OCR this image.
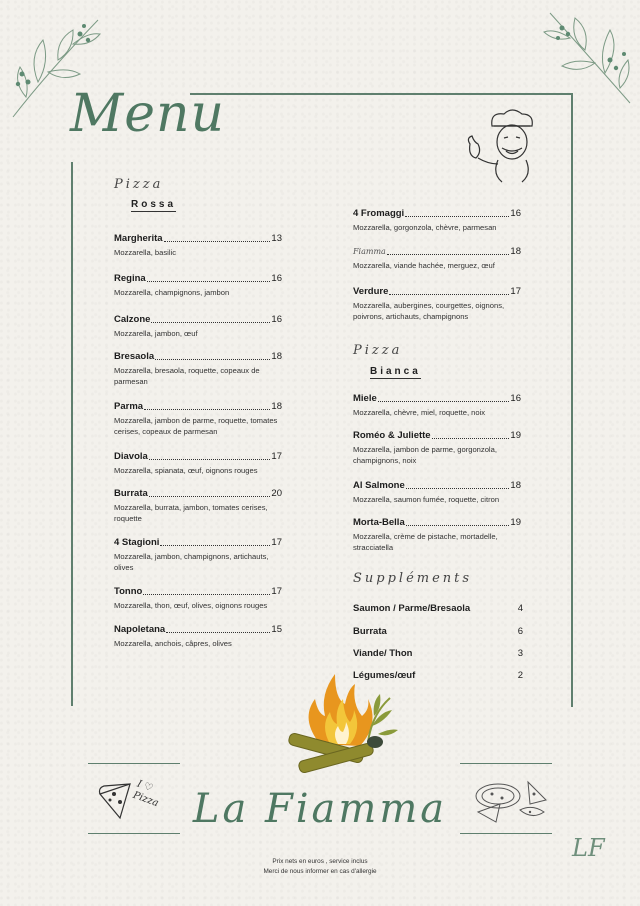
Menu
Pizza
Rossa
Margherita	13
Mozzarella, basilic
Regina	16
Mozzarella, champignons, jambon
Calzone	16
Mozzarella, jambon, œuf
Bresaola	18
Mozzarella, bresaola, roquette, copeaux de parmesan
Parma	18
Mozzarella, jambon de parme, roquette, tomates cerises, copeaux de parmesan
Diavola	17
Mozzarella, spianata, œuf, oignons rouges
Burrata	20
Mozzarella, burrata, jambon, tomates cerises, roquette
4 Stagioni	17
Mozzarella, jambon, champignons, artichauts, olives
Tonno	17
Mozzarella, thon, œuf, olives, oignons rouges
Napoletana	15
Mozzarella, anchois, câpres, olives
4 Fromaggi	16
Mozzarella, gorgonzola, chèvre, parmesan
Fiamma	18
Mozzarella, viande hachée, merguez, œuf
Verdure	17
Mozzarella, aubergines, courgettes, oignons, poivrons, artichauts, champignons
Pizza
Bianca
Miele	16
Mozzarella, chèvre, miel, roquette, noix
Roméo & Juliette	19
Mozzarella, jambon de parme, gorgonzola, champignons, noix
Al Salmone	18
Mozzarella, saumon fumée, roquette, citron
Morta-Bella	19
Mozzarella, crème de pistache, mortadelle, stracciatella
Suppléments
Saumon / Parme/Bresaola	4
Burrata	6
Viande/ Thon	3
Légumes/œuf	2
I ♡ Pizza
LF
La Fiamma
Prix nets en euros , service inclus
Merci de nous informer en cas d'allergie
